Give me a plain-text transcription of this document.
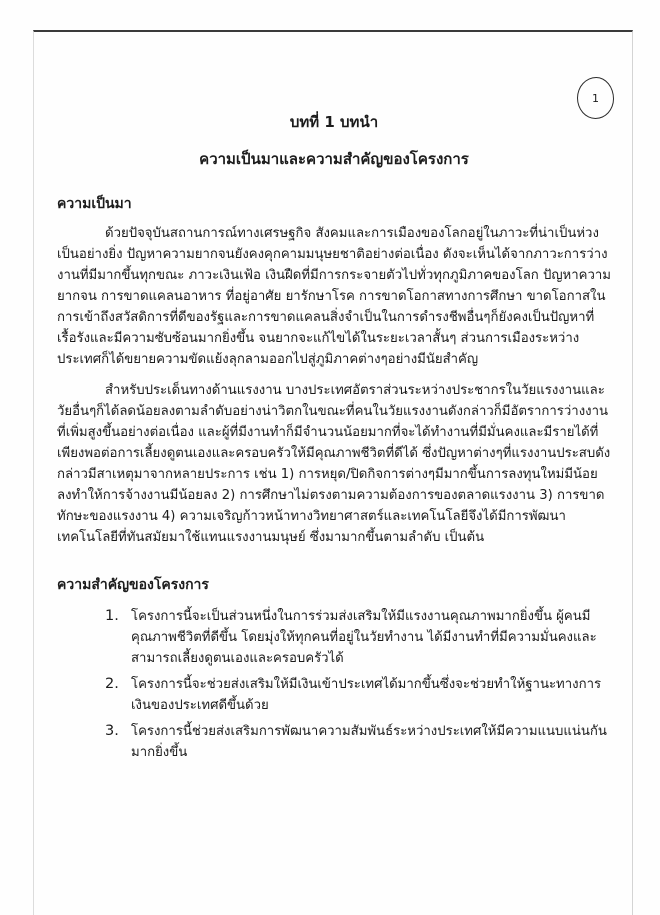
1
บทที่ 1 บทนำ
ความเป็นมาและความสำคัญของโครงการ
ความเป็นมา

ด้วยปัจจุบันสถานการณ์ทางเศรษฐกิจ สังคมและการเมืองของโลกอยู่ในภาวะที่น่าเป็นห่วงเป็นอย่างยิ่ง ปัญหาความยากจนยังคงคุกคามมนุษยชาติอย่างต่อเนื่อง ดังจะเห็นได้จากภาวะการว่างงานที่มีมากขึ้นทุกขณะ ภาวะเงินเฟ้อ เงินฝืดที่มีการกระจายตัวไปทั่วทุกภูมิภาคของโลก ปัญหาความยากจน การขาดแคลนอาหาร ที่อยู่อาศัย ยารักษาโรค การขาดโอกาสทางการศึกษา ขาดโอกาสในการเข้าถึงสวัสดิการที่ดีของรัฐและการขาดแคลนสิ่งจำเป็นในการดำรงชีพอื่นๆก็ยังคงเป็นปัญหาที่เรื้อรังและมีความซับซ้อนมากยิ่งขึ้น จนยากจะแก้ไขได้ในระยะเวลาสั้นๆ ส่วนการเมืองระหว่างประเทศก็ได้ขยายความขัดแย้งลุกลามออกไปสู่ภูมิภาคต่างๆอย่างมีนัยสำคัญ

สำหรับประเด็นทางด้านแรงงาน บางประเทศอัตราส่วนระหว่างประชากรในวัยแรงงานและวัยอื่นๆก็ได้ลดน้อยลงตามลำดับอย่างน่าวิตกในขณะที่คนในวัยแรงงานดังกล่าวก็มีอัตราการว่างงานที่เพิ่มสูงขึ้นอย่างต่อเนื่อง และผู้ที่มีงานทำก็มีจำนวนน้อยมากที่จะได้ทำงานที่มีมั่นคงและมีรายได้ที่เพียงพอต่อการเลี้ยงดูตนเองและครอบครัวให้มีคุณภาพชีวิตที่ดีได้ ซึ่งปัญหาต่างๆที่แรงงานประสบดังกล่าวมีสาเหตุมาจากหลายประการ เช่น 1) การหยุด/ปิดกิจการต่างๆมีมากขึ้นการลงทุนใหม่มีน้อยลงทำให้การจ้างงานมีน้อยลง 2) การศึกษาไม่ตรงตามความต้องการของตลาดแรงงาน 3) การขาดทักษะของแรงงาน 4) ความเจริญก้าวหน้าทางวิทยาศาสตร์และเทคโนโลยีจึงได้มีการพัฒนาเทคโนโลยีที่ทันสมัยมาใช้แทนแรงงานมนุษย์ ซึ่งมามากขึ้นตามลำดับ เป็นต้น

ความสำคัญของโครงการ
1. โครงการนี้จะเป็นส่วนหนึ่งในการร่วมส่งเสริมให้มีแรงงานคุณภาพมากยิ่งขึ้น ผู้คนมีคุณภาพชีวิตที่ดีขึ้น โดยมุ่งให้ทุกคนที่อยู่ในวัยทำงาน ได้มีงานทำที่มีความมั่นคงและสามารถเลี้ยงดูตนเองและครอบครัวได้
2. โครงการนี้จะช่วยส่งเสริมให้มีเงินเข้าประเทศได้มากขึ้นซึ่งจะช่วยทำให้ฐานะทางการเงินของประเทศดีขึ้นด้วย
3. โครงการนี้ช่วยส่งเสริมการพัฒนาความสัมพันธ์ระหว่างประเทศให้มีความแนบแน่นกันมากยิ่งขึ้น
